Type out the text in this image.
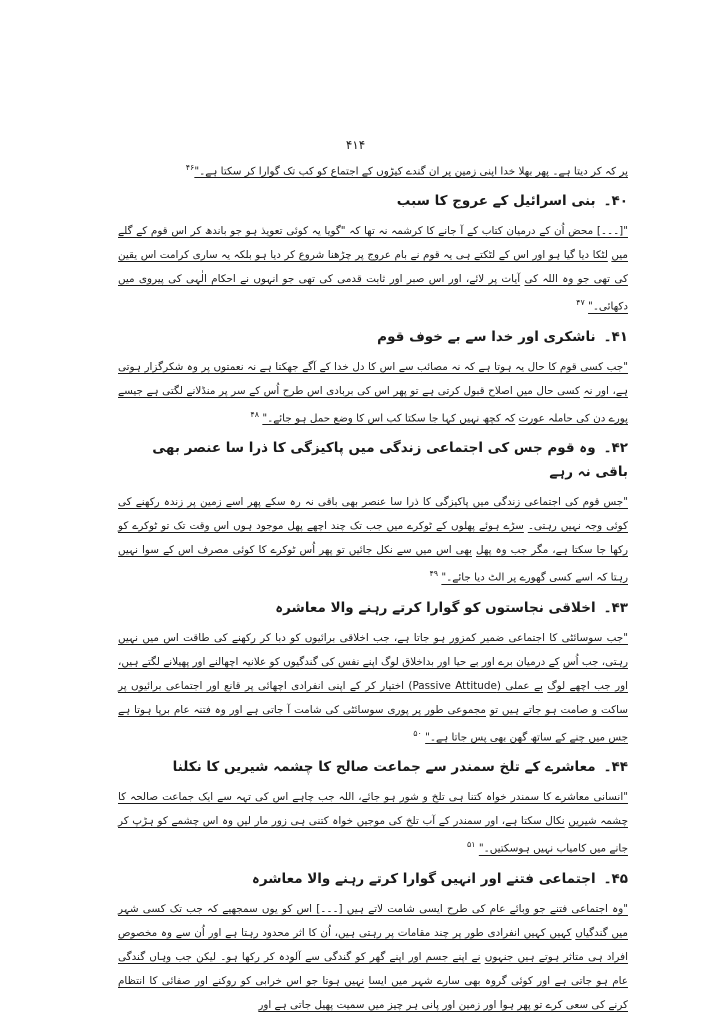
۴۱۴

پر کہ کر دیتا ہے۔ پھر بھلا خدا اپنی زمین پر ان گندے کیڑوں کے اجتماع کو کب تک گوارا کر سکتا ہے۔"$^{۴۶}$

۴۰۔بنی اسرائیل کے عروج کا سبب

"[۔۔۔] محض اُن کے درمیان کتاب کے آ جانے کا کرشمہ نہ تھا کہ "گویا یہ کوئی تعویذ ہو جو باندھ کر اس قوم کے گلے میں لٹکا دیا گیا ہو اور اس کے لٹکتے ہی یہ قوم نے بام عروج پر چڑھنا شروع کر دیا ہو بلکہ یہ ساری کرامت اس یقین کی تھی جو وہ اللہ کی آیات پر لائے، اور اس صبر اور ثابت قدمی کی تھی جو انہوں نے احکام الٰہی کی پیروی میں دکھائی۔" $^{۴۷}$

۴۱۔ناشکری اور خدا سے بے خوف قوم

"جب کسی قوم کا حال یہ ہوتا ہے کہ نہ مصائب سے اس کا دل خدا کے آگے جھکتا ہے نہ نعمتوں پر وہ شکرگزار ہوتی ہے، اور نہ کسی حال میں اصلاح قبول کرتی ہے تو پھر اس کی بربادی اس طرح اُس کے سر پر منڈلانے لگتی ہے جیسے پورے دن کی حاملہ عورت کہ کچھ نہیں کہا جا سکتا کب اس کا وضع حمل ہو جائے۔" $^{۴۸}$

۴۲۔وہ قوم جس کی اجتماعی زندگی میں پاکیزگی کا ذرا سا عنصر بھی باقی نہ رہے

"جس قوم کی اجتماعی زندگی میں پاکیزگی کا ذرا سا عنصر بھی باقی نہ رہ سکے پھر اسے زمین پر زندہ رکھنے کی کوئی وجہ نہیں رہتی۔ سڑے ہوئے پھلوں کے ٹوکرے میں جب تک چند اچھے پھل موجود ہوں اس وقت تک تو ٹوکرے کو رکھا جا سکتا ہے، مگر جب وہ پھل بھی اس میں سے نکل جائیں تو پھر اُس ٹوکرے کا کوئی مصرف اس کے سوا نہیں رہتا کہ اسے کسی گھورے پر الٹ دیا جائے۔" $^{۴۹}$

۴۳۔اخلاقی نجاستوں کو گوارا کرتے رہنے والا معاشرہ

"جب سوسائٹی کا اجتماعی ضمیر کمزور ہو جاتا ہے، جب اخلاقی برائیوں کو دبا کر رکھنے کی طاقت اس میں نہیں رہتی، جب اُس کے درمیان برے اور بے حیا اور بداخلاق لوگ اپنے نفس کی گندگیوں کو علانیہ اچھالنے اور پھیلانے لگتے ہیں، اور جب اچھے لوگ بے عملی (Passive Attitude) اختیار کر کے اپنی انفرادی اچھائی پر قانع اور اجتماعی برائیوں پر ساکت و صامت ہو جاتے ہیں تو مجموعی طور پر پوری سوسائٹی کی شامت آ جاتی ہے اور وہ فتنہ عام برپا ہوتا ہے جس میں چنے کے ساتھ گھن بھی پس جاتا ہے۔" $^{۵۰}$

۴۴۔معاشرے کے تلخ سمندر سے جماعت صالح کا چشمہ شیریں کا نکلنا

"انسانی معاشرے کا سمندر خواہ کتنا ہی تلخ و شور ہو جائے، اللہ جب چاہے اس کی تہہ سے ایک جماعت صالحہ کا چشمہ شیریں نکال سکتا ہے، اور سمندر کے آب تلخ کی موجیں خواہ کتنی ہی زور مار لیں وہ اس چشمے کو ہڑپ کر جانے میں کامیاب نہیں ہوسکتیں۔" $^{۵۱}$

۴۵۔اجتماعی فتنے اور انہیں گوارا کرتے رہنے والا معاشرہ

"وہ اجتماعی فتنے جو وبائے عام کی طرح ایسی شامت لاتے ہیں [۔۔۔] اس کو یوں سمجھیے کہ جب تک کسی شہر میں گندگیاں کہیں کہیں انفرادی طور پر چند مقامات پر رہتی ہیں، اُن کا اثر محدود رہتا ہے اور اُن سے وہ مخصوص افراد ہی متاثر ہوتے ہیں جنہوں نے اپنے جسم اور اپنے گھر کو گندگی سے آلودہ کر رکھا ہو۔ لیکن جب وہاں گندگی عام ہو جاتی ہے اور کوئی گروہ بھی سارے شہر میں ایسا نہیں ہوتا جو اس خرابی کو روکنے اور صفائی کا انتظام کرنے کی سعی کرے تو پھر ہوا اور زمین اور پانی ہر چیز میں سمیت پھیل جاتی ہے اور
